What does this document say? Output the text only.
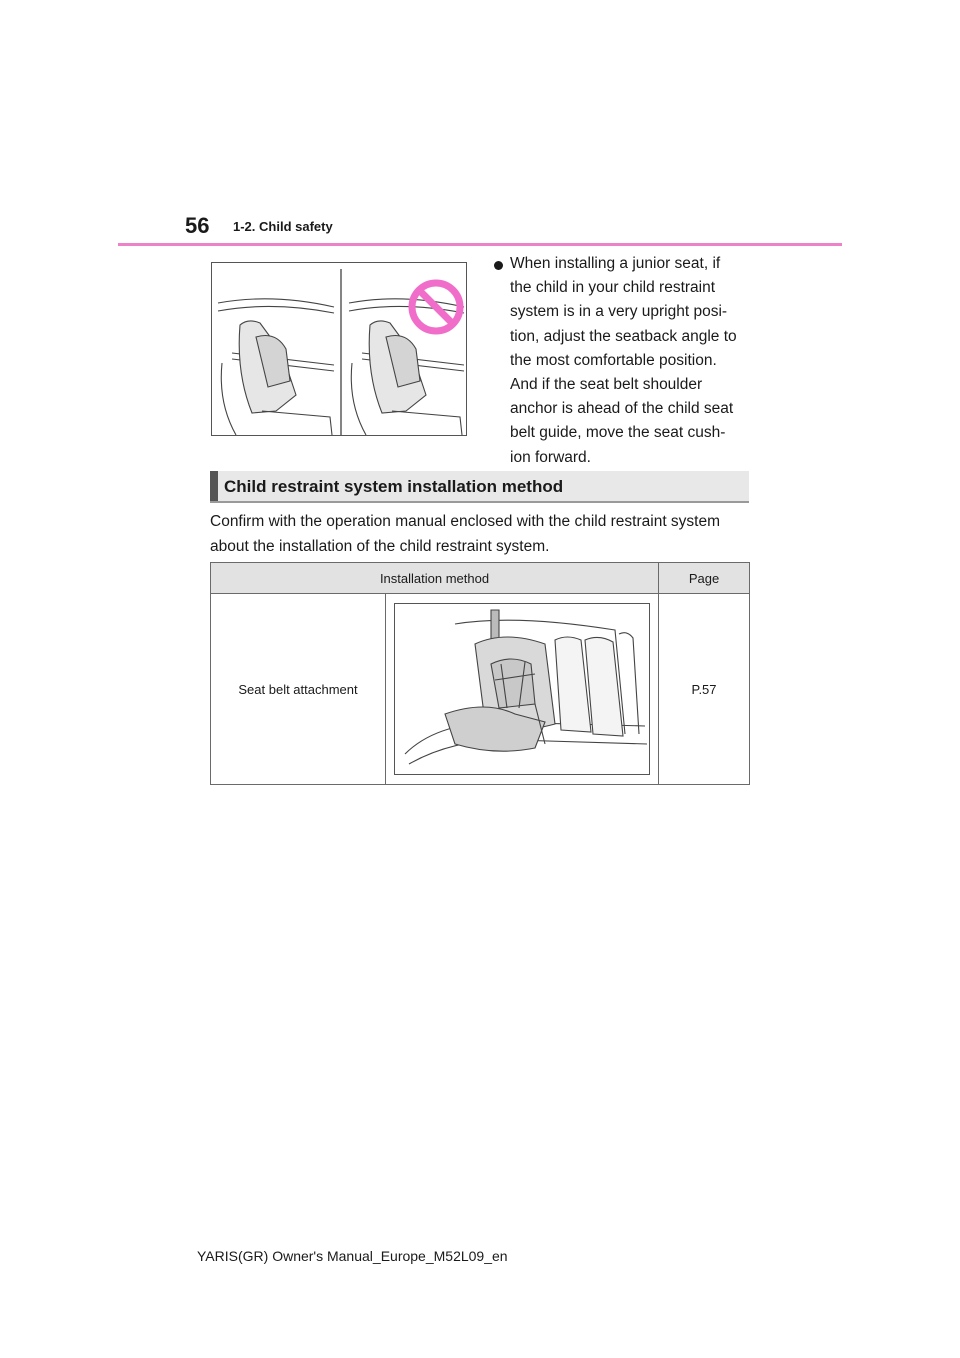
56 1-2. Child safety
When installing a junior seat, if
the child in your child restraint
system is in a very upright posi-
tion, adjust the seatback angle to
the most comfortable position.
And if the seat belt shoulder
anchor is ahead of the child seat
belt guide, move the seat cush-
ion forward.
Child restraint system installation method
Confirm with the operation manual enclosed with the child restraint system
about the installation of the child restraint system.
Installation method		Page
Seat belt attachment		P.57
YARIS(GR) Owner's Manual_Europe_M52L09_en
